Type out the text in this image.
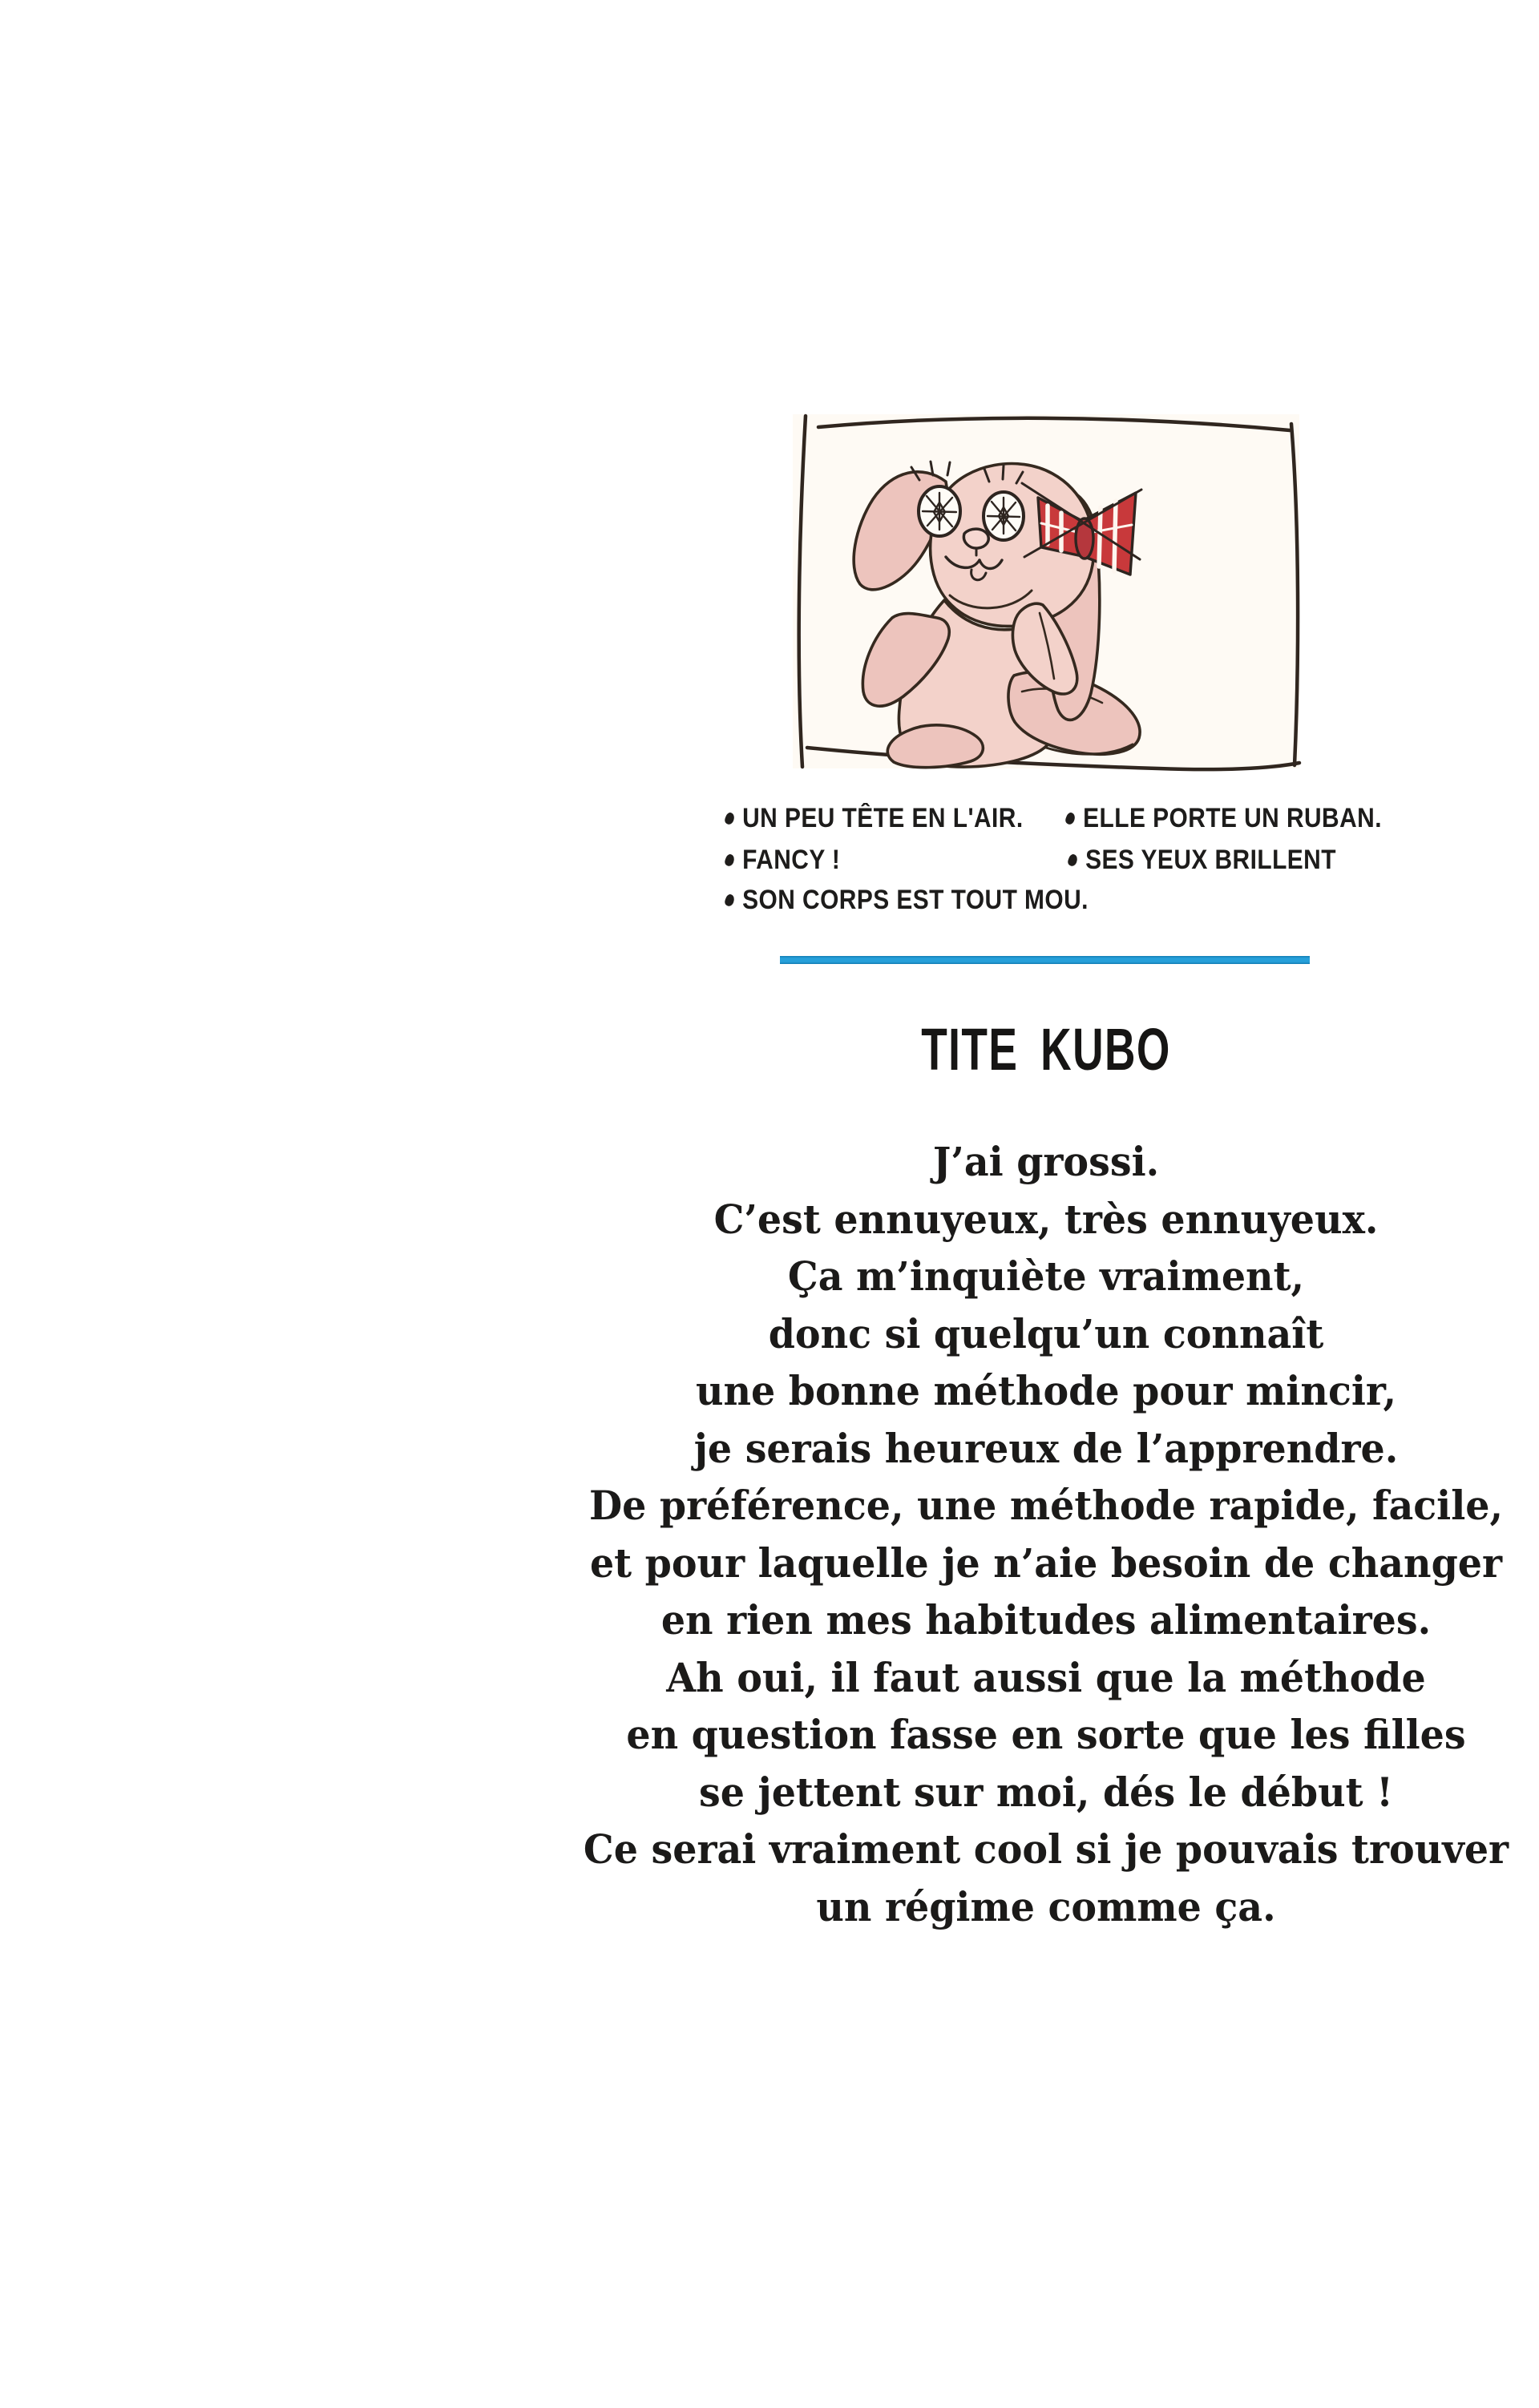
UN PEU TÊTE EN L'AIR. ELLE PORTE UN RUBAN.
FANCY !	SES YEUX BRILLENT
SON CORPS EST TOUT MOU.
TITE KUBO
J’ai grossi.
C’est ennuyeux, très ennuyeux.
Ça m’inquiète vraiment,
donc si quelqu’un connaît
une bonne méthode pour mincir,
je serais heureux de l’apprendre.
De préférence, une méthode rapide, facile,
et pour laquelle je n’aie besoin de changer
en rien mes habitudes alimentaires.
Ah oui, il faut aussi que la méthode
en question fasse en sorte que les filles
se jettent sur moi, dés le début !
Ce serai vraiment cool si je pouvais trouver
un régime comme ça.
